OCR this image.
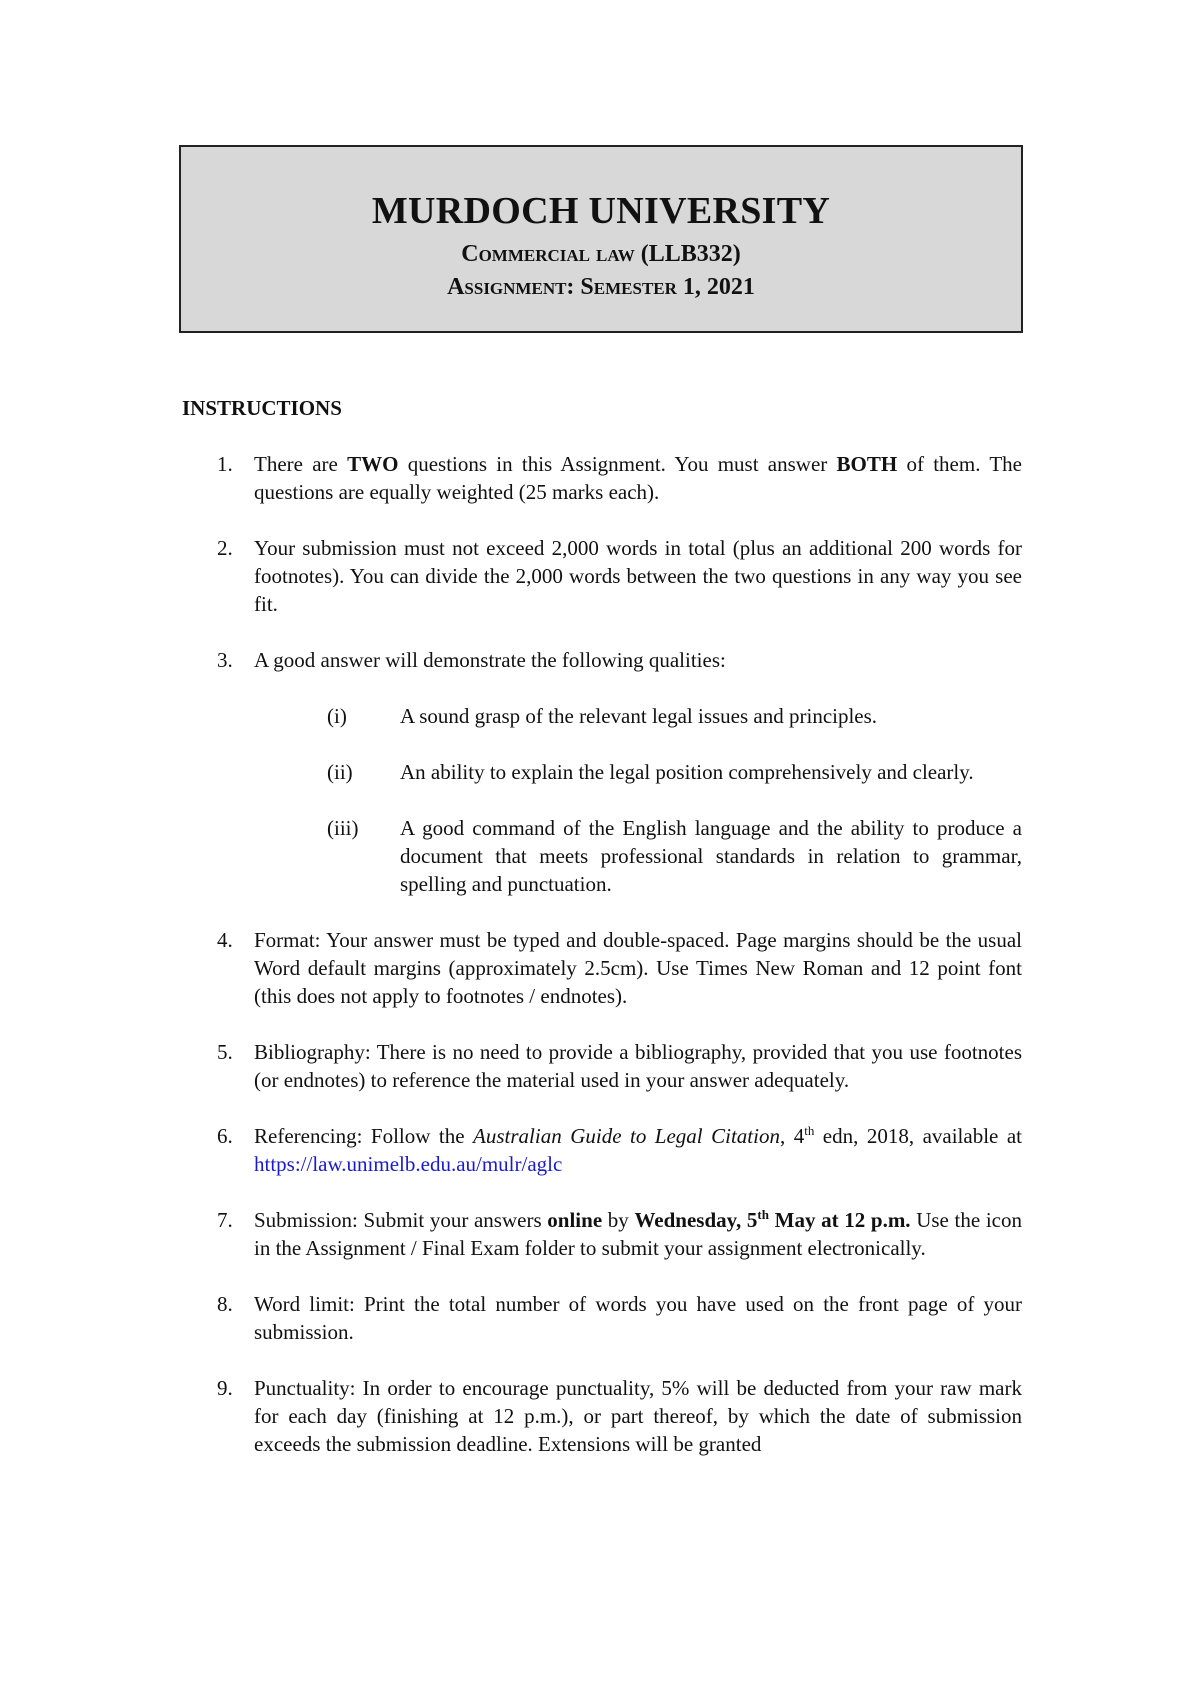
MURDOCH UNIVERSITY
Commercial law (LLB332)
Assignment: Semester 1, 2021
INSTRUCTIONS
1.	There are TWO questions in this Assignment. You must answer BOTH of them. The questions are equally weighted (25 marks each).
2.	Your submission must not exceed 2,000 words in total (plus an additional 200 words for footnotes). You can divide the 2,000 words between the two questions in any way you see fit.
3.	A good answer will demonstrate the following qualities:
(i)	A sound grasp of the relevant legal issues and principles.
(ii) An ability to explain the legal position comprehensively and clearly.
(iii) A good command of the English language and the ability to produce a document that meets professional standards in relation to grammar, spelling and punctuation.
4.	Format: Your answer must be typed and double-spaced. Page margins should be the usual Word default margins (approximately 2.5cm). Use Times New Roman and 12 point font (this does not apply to footnotes / endnotes).
5.	Bibliography: There is no need to provide a bibliography, provided that you use footnotes (or endnotes) to reference the material used in your answer adequately.
6.	Referencing: Follow the Australian Guide to Legal Citation, 4th edn, 2018, available at https://law.unimelb.edu.au/mulr/aglc
7.	Submission: Submit your answers online by Wednesday, 5th May at 12 p.m. Use the icon in the Assignment / Final Exam folder to submit your assignment electronically.
8.	Word limit: Print the total number of words you have used on the front page of your submission.
9.	Punctuality: In order to encourage punctuality, 5% will be deducted from your raw mark for each day (finishing at 12 p.m.), or part thereof, by which the date of submission exceeds the submission deadline. Extensions will be granted
